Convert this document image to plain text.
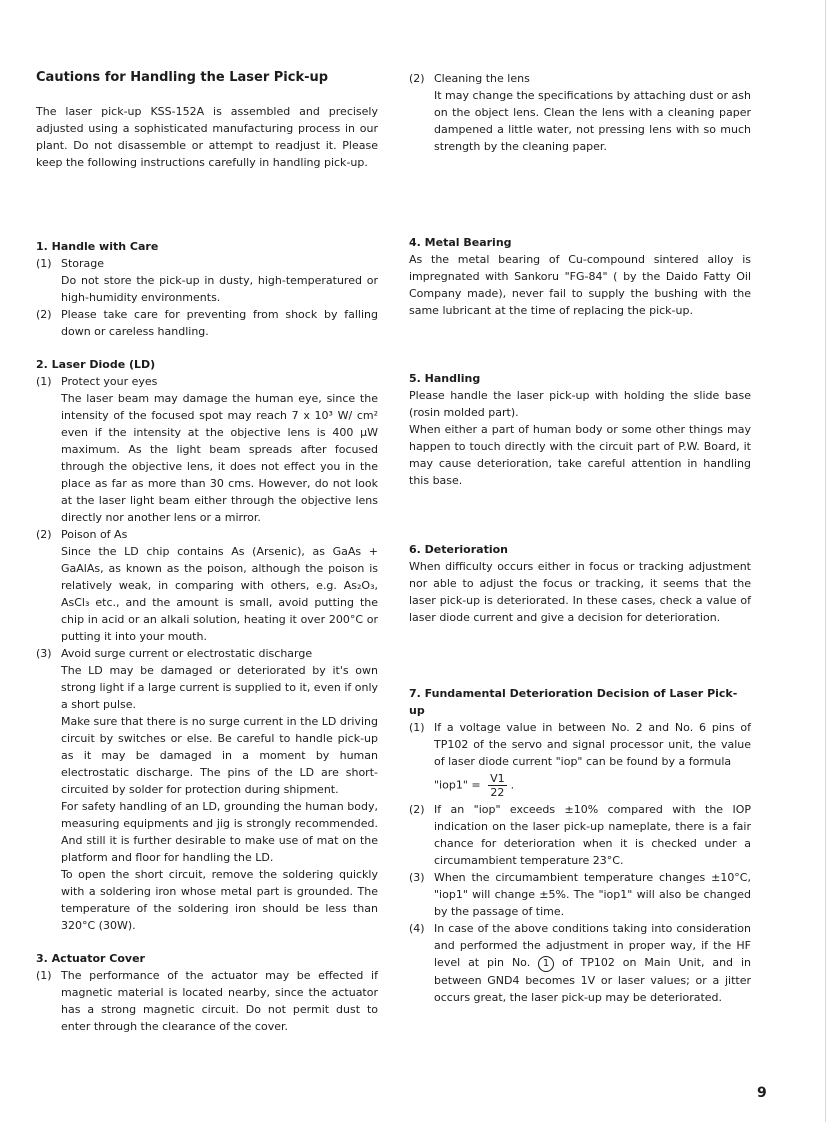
Cautions for Handling the Laser Pick-up

The laser pick-up KSS-152A is assembled and precisely adjusted using a sophisticated manufacturing process in our plant. Do not disassemble or attempt to readjust it. Please keep the following instructions carefully in handling pick-up.

1. Handle with Care
(1) Storage

Do not store the pick-up in dusty, high-temperatured or high-humidity environments.

(2) Please take care for preventing from shock by falling down or careless handling.

2. Laser Diode (LD)
(1) Protect your eyes

The laser beam may damage the human eye, since the intensity of the focused spot may reach 7 x 10³ W/ cm² even if the intensity at the objective lens is 400 μW maximum. As the light beam spreads after focused through the objective lens, it does not effect you in the place as far as more than 30 cms. However, do not look at the laser light beam either through the objective lens directly nor another lens or a mirror.

(2) Poison of As

Since the LD chip contains As (Arsenic), as GaAs + GaAlAs, as known as the poison, although the poison is relatively weak, in comparing with others, e.g. As₂O₃, AsCl₃ etc., and the amount is small, avoid putting the chip in acid or an alkali solution, heating it over 200°C or putting it into your mouth.

(3) Avoid surge current or electrostatic discharge

The LD may be damaged or deteriorated by it's own strong light if a large current is supplied to it, even if only a short pulse.

Make sure that there is no surge current in the LD driving circuit by switches or else. Be careful to handle pick-up as it may be damaged in a moment by human electrostatic discharge. The pins of the LD are short-circuited by solder for protection during shipment.

For safety handling of an LD, grounding the human body, measuring equipments and jig is strongly recommended. And still it is further desirable to make use of mat on the platform and floor for handling the LD.

To open the short circuit, remove the soldering quickly with a soldering iron whose metal part is grounded. The temperature of the soldering iron should be less than 320°C (30W).

3. Actuator Cover
(1) The performance of the actuator may be effected if magnetic material is located nearby, since the actuator has a strong magnetic circuit. Do not permit dust to enter through the clearance of the cover.

(2) Cleaning the lens

It may change the specifications by attaching dust or ash on the object lens. Clean the lens with a cleaning paper dampened a little water, not pressing lens with so much strength by the cleaning paper.

4. Metal Bearing

As the metal bearing of Cu-compound sintered alloy is impregnated with Sankoru "FG-84" ( by the Daido Fatty Oil Company made), never fail to supply the bushing with the same lubricant at the time of replacing the pick-up.

5. Handling

Please handle the laser pick-up with holding the slide base (rosin molded part).

When either a part of human body or some other things may happen to touch directly with the circuit part of P.W. Board, it may cause deterioration, take careful attention in handling this base.

6. Deterioration

When difficulty occurs either in focus or tracking adjustment nor able to adjust the focus or tracking, it seems that the laser pick-up is deteriorated. In these cases, check a value of laser diode current and give a decision for deterioration.

7. Fundamental Deterioration Decision of Laser Pick-up
(1) If a voltage value in between No. 2 and No. 6 pins of TP102 of the servo and signal processor unit, the value of laser diode current "iop" can be found by a formula

"iop1" = $\frac{V1}{22}$ .
(2) If an "iop" exceeds ±10% compared with the IOP indication on the laser pick-up nameplate, there is a fair chance for deterioration when it is checked under a circumambient temperature 23°C.

(3) When the circumambient temperature changes ±10°C, "iop1" will change ±5%. The "iop1" will also be changed by the passage of time.

(4) In case of the above conditions taking into consideration and performed the adjustment in proper way, if the HF level at pin No. 1 of TP102 on Main Unit, and in between GND4 becomes 1V or laser values; or a jitter occurs great, the laser pick-up may be deteriorated.

9
